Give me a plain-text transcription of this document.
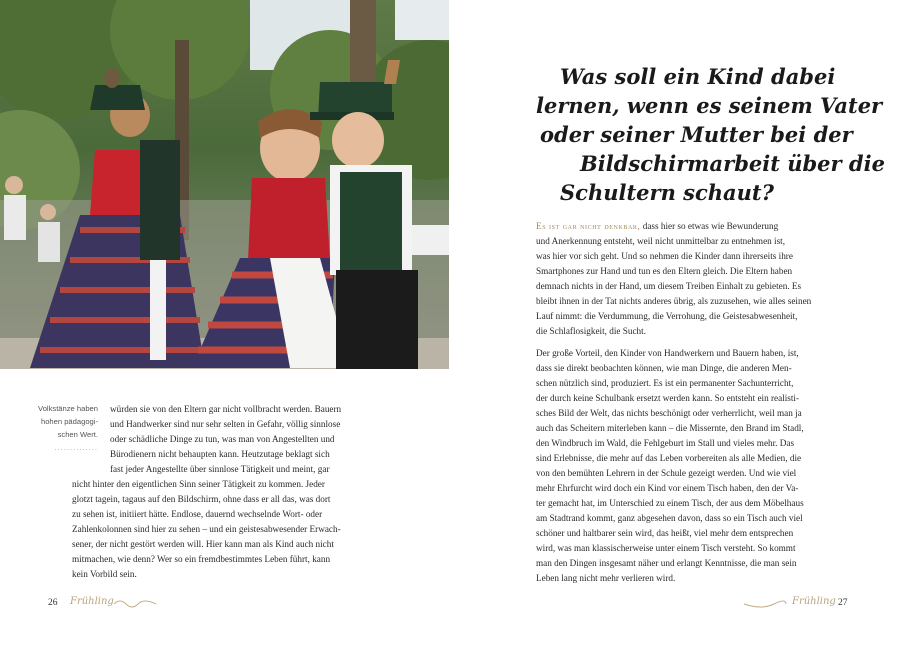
Volkstänze haben
hohen pädagogi-
schen Wert.
..............
würden sie von den Eltern gar nicht vollbracht werden. Bauern
und Handwerker sind nur sehr selten in Gefahr, völlig sinnlose
oder schädliche Dinge zu tun, was man von Angestellten und
Bürodienern nicht behaupten kann. Heutzutage beklagt sich
fast jeder Angestellte über sinnlose Tätigkeit und meint, gar
nicht hinter den eigentlichen Sinn seiner Tätigkeit zu kommen. Jeder
glotzt tagein, tagaus auf den Bildschirm, ohne dass er all das, was dort
zu sehen ist, initiiert hätte. Endlose, dauernd wechselnde Wort- oder
Zahlenkolonnen sind hier zu sehen – und ein geistesabwesender Erwach-
sener, der nicht gestört werden will. Hier kann man als Kind auch nicht
mitmachen, wie denn? Wer so ein fremdbestimmtes Leben führt, kann
kein Vorbild sein.
26 Frühling
Was soll ein Kind dabei
lernen, wenn es seinem Vater
oder seiner Mutter bei der
Bildschirmarbeit über die
Schultern schaut?
Es ist gar nicht denkbar, dass hier so etwas wie Bewunderung
und Anerkennung entsteht, weil nicht unmittelbar zu entnehmen ist,
was hier vor sich geht. Und so nehmen die Kinder dann ihrerseits ihre
Smartphones zur Hand und tun es den Eltern gleich. Die Eltern haben
demnach nichts in der Hand, um diesem Treiben Einhalt zu gebieten. Es
bleibt ihnen in der Tat nichts anderes übrig, als zuzusehen, wie alles seinen
Lauf nimmt: die Verdummung, die Verrohung, die Geistesabwesenheit,
die Schlaflosigkeit, die Sucht.
Der große Vorteil, den Kinder von Handwerkern und Bauern haben, ist,
dass sie direkt beobachten können, wie man Dinge, die anderen Men-
schen nützlich sind, produziert. Es ist ein permanenter Sachunterricht,
der durch keine Schulbank ersetzt werden kann. So entsteht ein realisti-
sches Bild der Welt, das nichts beschönigt oder verherrlicht, weil man ja
auch das Scheitern miterleben kann – die Missernte, den Brand im Stadl,
den Windbruch im Wald, die Fehlgeburt im Stall und vieles mehr. Das
sind Erlebnisse, die mehr auf das Leben vorbereiten als alle Medien, die
von den bemühten Lehrern in der Schule gezeigt werden. Und wie viel
mehr Ehrfurcht wird doch ein Kind vor einem Tisch haben, den der Va-
ter gemacht hat, im Unterschied zu einem Tisch, der aus dem Möbelhaus
am Stadtrand kommt, ganz abgesehen davon, dass so ein Tisch auch viel
schöner und haltbarer sein wird, das heißt, viel mehr dem entsprechen
wird, was man klassischerweise unter einem Tisch versteht. So kommt
man den Dingen insgesamt näher und erlangt Kenntnisse, die man sein
Leben lang nicht mehr verlieren wird.
Frühling 27
